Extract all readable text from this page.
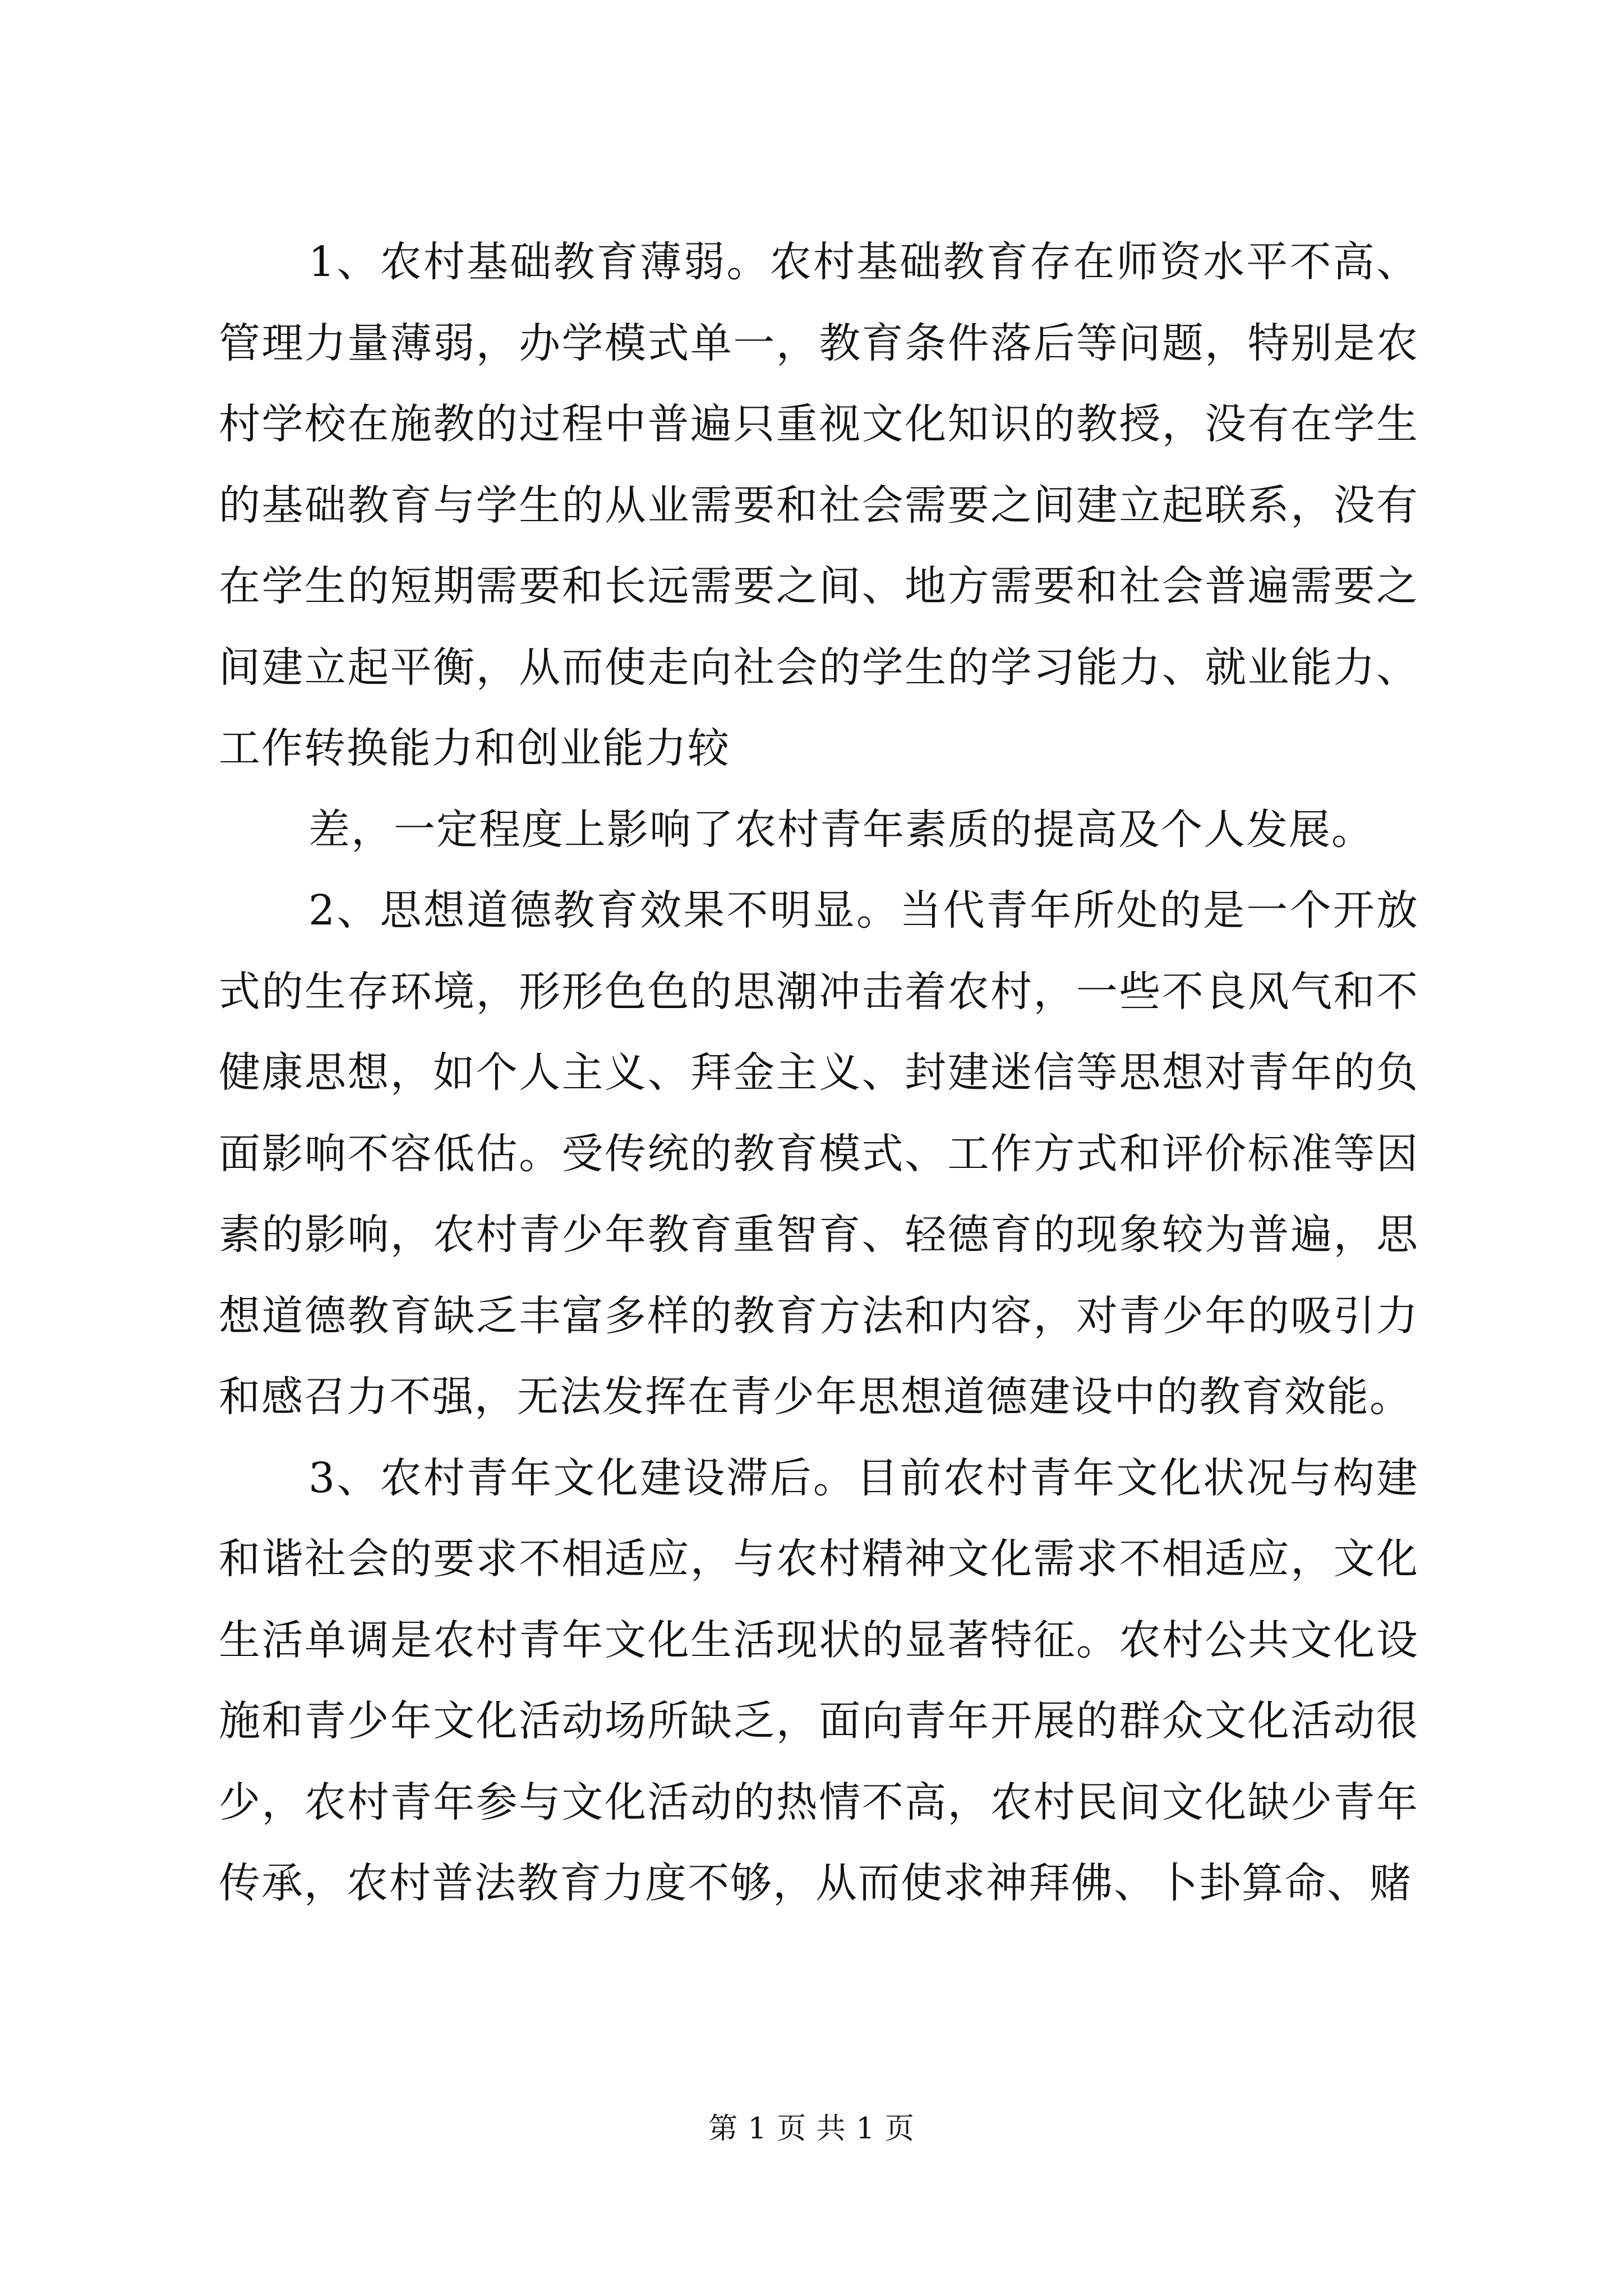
1、农村基础教育薄弱。农村基础教育存在师资水平不高、管理力量薄弱，办学模式单一，教育条件落后等问题，特别是农村学校在施教的过程中普遍只重视文化知识的教授，没有在学生的基础教育与学生的从业需要和社会需要之间建立起联系，没有在学生的短期需要和长远需要之间、地方需要和社会普遍需要之间建立起平衡，从而使走向社会的学生的学习能力、就业能力、工作转换能力和创业能力较

差，一定程度上影响了农村青年素质的提高及个人发展。

2、思想道德教育效果不明显。当代青年所处的是一个开放式的生存环境，形形色色的思潮冲击着农村，一些不良风气和不健康思想，如个人主义、拜金主义、封建迷信等思想对青年的负面影响不容低估。受传统的教育模式、工作方式和评价标准等因素的影响，农村青少年教育重智育、轻德育的现象较为普遍，思想道德教育缺乏丰富多样的教育方法和内容，对青少年的吸引力和感召力不强，无法发挥在青少年思想道德建设中的教育效能。

3、农村青年文化建设滞后。目前农村青年文化状况与构建和谐社会的要求不相适应，与农村精神文化需求不相适应，文化生活单调是农村青年文化生活现状的显著特征。农村公共文化设施和青少年文化活动场所缺乏，面向青年开展的群众文化活动很少，农村青年参与文化活动的热情不高，农村民间文化缺少青年传承，农村普法教育力度不够，从而使求神拜佛、卜卦算命、赌

第 1 页 共 1 页
